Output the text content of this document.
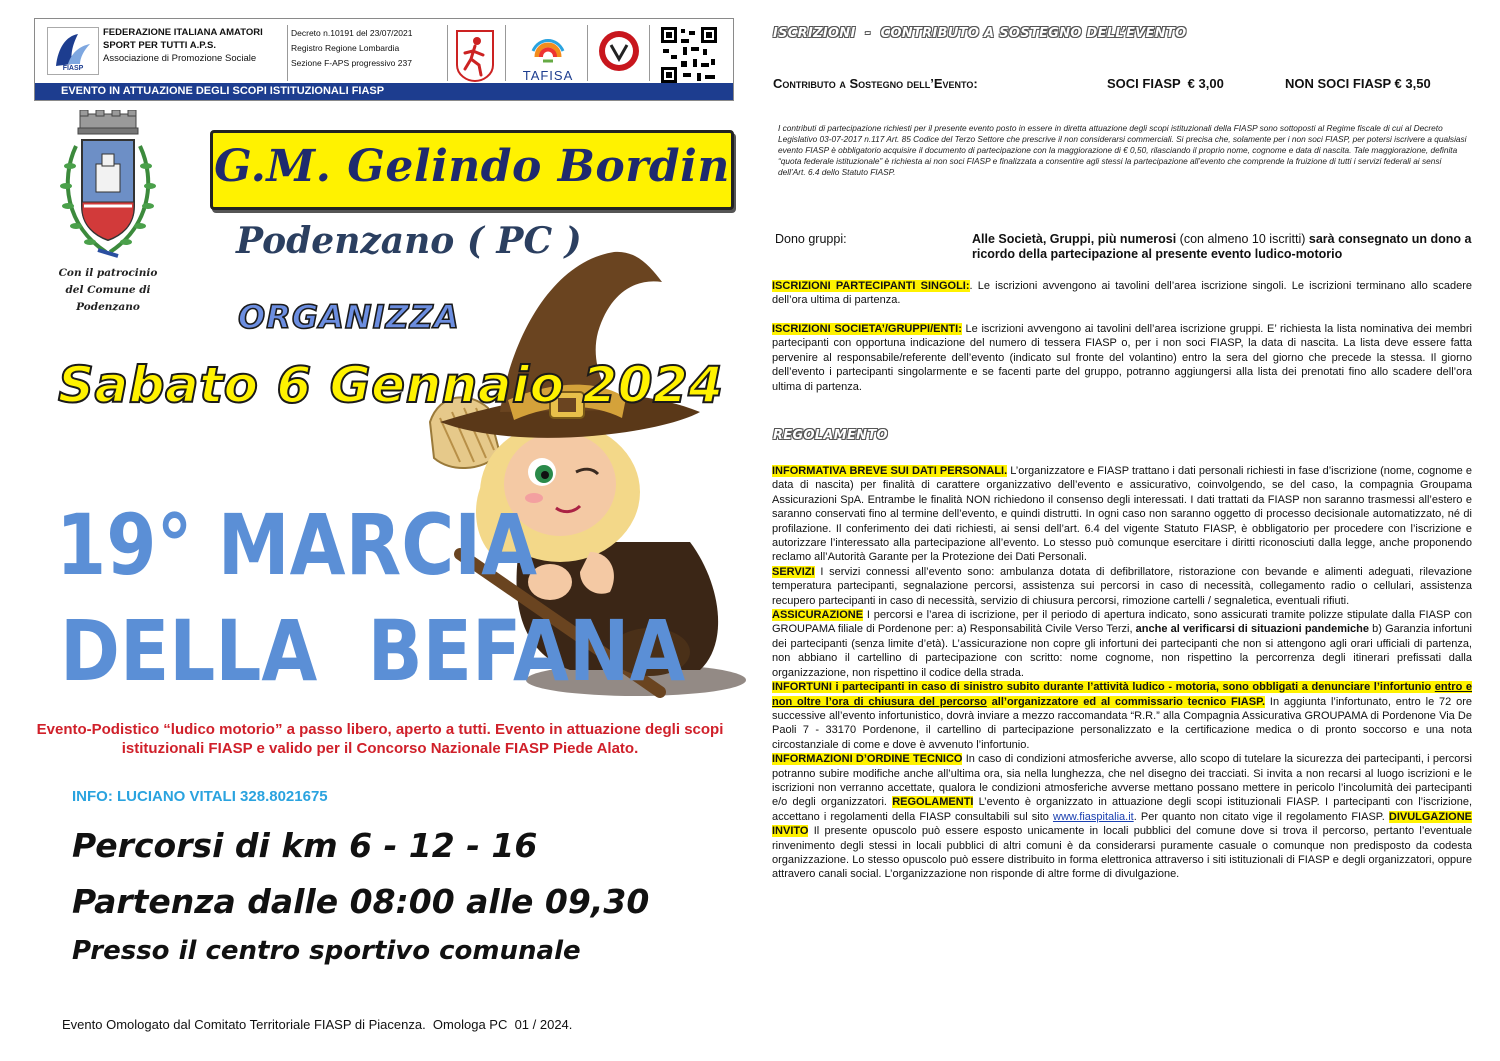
FIASP
FEDERAZIONE ITALIANA AMATORI
SPORT PER TUTTI A.P.S.
Associazione di Promozione Sociale
Decreto n.10191 del 23/07/2021
Registro Regione Lombardia
Sezione F-APS progressivo 237
TAFISA
EVENTO IN ATTUAZIONE DEGLI SCOPI ISTITUZIONALI FIASP
Con il patrocinio
del Comune di
Podenzano
G.M. Gelindo Bordin
Podenzano ( PC )
ORGANIZZA
Sabato 6 Gennaio 2024
19° MARCIA
DELLA  BEFANA
Evento-Podistico “ludico motorio” a passo libero, aperto a tutti. Evento in attuazione degli scopi istituzionali FIASP e valido per il Concorso Nazionale FIASP Piede Alato.
INFO: LUCIANO VITALI 328.8021675
Percorsi di km 6 - 12 - 16
Partenza dalle 08:00 alle 09,30
Presso il centro sportivo comunale
Evento Omologato dal Comitato Territoriale FIASP di Piacenza.  Omologa PC  01 / 2024.
ISCRIZIONI  -  CONTRIBUTO A SOSTEGNO DELL’EVENTO
Contributo a Sostegno dell’Evento:	SOCI FIASP  € 3,00	NON SOCI FIASP € 3,50
I contributi di partecipazione richiesti per il presente evento posto in essere in diretta attuazione degli scopi istituzionali della FIASP sono sottoposti al Regime fiscale di cui al Decreto Legislativo 03-07-2017 n.117 Art. 85 Codice del Terzo Settore che prescrive il non considerarsi commerciali. Si precisa che, solamente per i non soci FIASP, per potersi iscrivere a qualsiasi evento FIASP è obbligatorio acquisire il documento di partecipazione con la maggiorazione di € 0,50, rilasciando il proprio nome, cognome e data di nascita. Tale maggiorazione, definita “quota federale istituzionale” è richiesta ai non soci FIASP e finalizzata a consentire agli stessi la partecipazione all’evento che comprende la fruizione di tutti i servizi federali ai sensi dell’Art. 6.4 dello Statuto FIASP.
Dono gruppi:	Alle Società, Gruppi, più numerosi (con almeno 10 iscritti) sarà consegnato un dono a ricordo della partecipazione al presente evento ludico-motorio
ISCRIZIONI PARTECIPANTI SINGOLI:. Le iscrizioni avvengono ai tavolini dell’area iscrizione singoli. Le iscrizioni terminano allo scadere dell’ora ultima di partenza.
ISCRIZIONI SOCIETA’/GRUPPI/ENTI: Le iscrizioni avvengono ai tavolini dell’area iscrizione gruppi. E’ richiesta la lista nominativa dei membri partecipanti con opportuna indicazione del numero di tessera FIASP o, per i non soci FIASP, la data di nascita. La lista deve essere fatta pervenire al responsabile/referente dell’evento (indicato sul fronte del volantino) entro la sera del giorno che precede la stessa. Il giorno dell’evento i partecipanti singolarmente e se facenti parte del gruppo, potranno aggiungersi alla lista dei prenotati fino allo scadere dell’ora ultima di partenza.
REGOLAMENTO
INFORMATIVA BREVE SUI DATI PERSONALI. L’organizzatore e FIASP trattano i dati personali richiesti in fase d’iscrizione (nome, cognome e data di nascita) per finalità di carattere organizzativo dell’evento e assicurativo, coinvolgendo, se del caso, la compagnia Groupama Assicurazioni SpA. Entrambe le finalità NON richiedono il consenso degli interessati. I dati trattati da FIASP non saranno trasmessi all’estero e saranno conservati fino al termine dell’evento, e quindi distrutti. In ogni caso non saranno oggetto di processo decisionale automatizzato, né di profilazione. Il conferimento dei dati richiesti, ai sensi dell’art. 6.4 del vigente Statuto FIASP, è obbligatorio per procedere con l’iscrizione e autorizzare l’interessato alla partecipazione all’evento. Lo stesso può comunque esercitare i diritti riconosciuti dalla legge, anche proponendo reclamo all’Autorità Garante per la Protezione dei Dati Personali.
SERVIZI I servizi connessi all’evento sono: ambulanza dotata di defibrillatore, ristorazione con bevande e alimenti adeguati, rilevazione temperatura partecipanti, segnalazione percorsi, assistenza sui percorsi in caso di necessità, collegamento radio o cellulari, assistenza recupero partecipanti in caso di necessità, servizio di chiusura percorsi, rimozione cartelli / segnaletica, eventuali rifiuti.
ASSICURAZIONE I percorsi e l’area di iscrizione, per il periodo di apertura indicato, sono assicurati tramite polizze stipulate dalla FIASP con GROUPAMA filiale di Pordenone per: a) Responsabilità Civile Verso Terzi, anche al verificarsi di situazioni pandemiche b) Garanzia infortuni dei partecipanti (senza limite d’età). L’assicurazione non copre gli infortuni dei partecipanti che non si attengono agli orari ufficiali di partenza, non abbiano il cartellino di partecipazione con scritto: nome cognome, non rispettino la percorrenza degli itinerari prefissati dalla organizzazione, non rispettino il codice della strada.
INFORTUNI i partecipanti in caso di sinistro subito durante l’attività ludico - motoria, sono obbligati a denunciare l’infortunio entro e non oltre l’ora di chiusura del percorso all’organizzatore ed al commissario tecnico FIASP. In aggiunta l’infortunato, entro le 72 ore successive all’evento infortunistico, dovrà inviare a mezzo raccomandata “R.R.” alla Compagnia Assicurativa GROUPAMA di Pordenone Via De Paoli 7 - 33170 Pordenone, il cartellino di partecipazione personalizzato e la certificazione medica o di pronto soccorso e una nota circostanziale di come e dove è avvenuto l’infortunio.
INFORMAZIONI D’ORDINE TECNICO In caso di condizioni atmosferiche avverse, allo scopo di tutelare la sicurezza dei partecipanti, i percorsi potranno subire modifiche anche all’ultima ora, sia nella lunghezza, che nel disegno dei tracciati. Si invita a non recarsi al luogo iscrizioni e le iscrizioni non verranno accettate, qualora le condizioni atmosferiche avverse mettano possano mettere in pericolo l’incolumità dei partecipanti e/o degli organizzatori. REGOLAMENTI L’evento è organizzato in attuazione degli scopi istituzionali FIASP. I partecipanti con l’iscrizione, accettano i regolamenti della FIASP consultabili sul sito www.fiaspitalia.it. Per quanto non citato vige il regolamento FIASP. DIVULGAZIONE INVITO Il presente opuscolo può essere esposto unicamente in locali pubblici del comune dove si trova il percorso, pertanto l’eventuale rinvenimento degli stessi in locali pubblici di altri comuni è da considerarsi puramente casuale o comunque non predisposto da codesta organizzazione. Lo stesso opuscolo può essere distribuito in forma elettronica attraverso i siti istituzionali di FIASP e degli organizzatori, oppure attravero canali social. L’organizzazione non risponde di altre forme di divulgazione.
